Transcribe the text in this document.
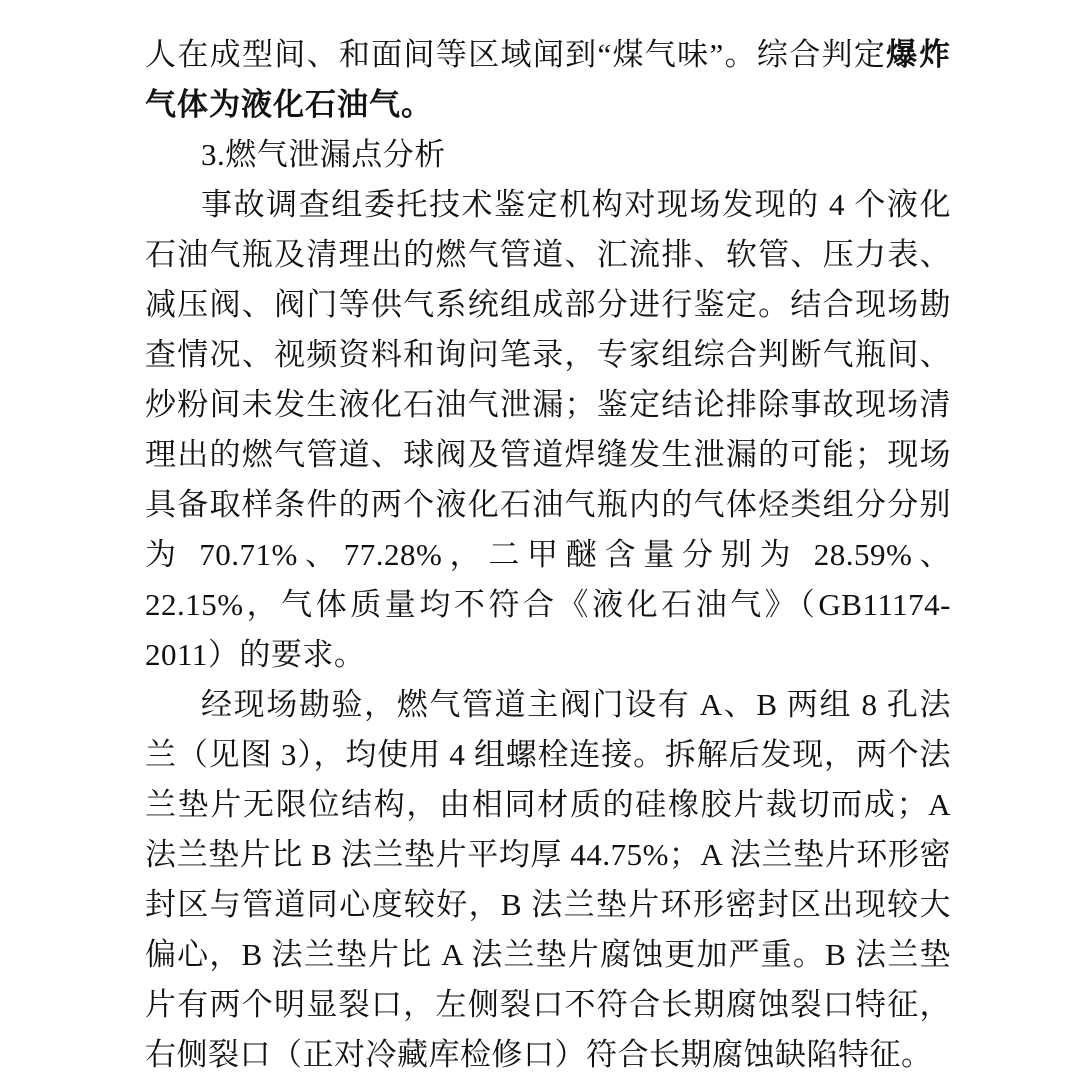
人在成型间、和面间等区域闻到“煤气味”。综合判定爆炸气体为液化石油气。

3.燃气泄漏点分析

事故调查组委托技术鉴定机构对现场发现的 4 个液化石油气瓶及清理出的燃气管道、汇流排、软管、压力表、减压阀、阀门等供气系统组成部分进行鉴定。结合现场勘查情况、视频资料和询问笔录，专家组综合判断气瓶间、炒粉间未发生液化石油气泄漏；鉴定结论排除事故现场清理出的燃气管道、球阀及管道焊缝发生泄漏的可能；现场具备取样条件的两个液化石油气瓶内的气体烃类组分分别为 70.71%、77.28%，二甲醚含量分别为 28.59%、22.15%，气体质量均不符合《液化石油气》（GB11174-2011）的要求。

经现场勘验，燃气管道主阀门设有 A、B 两组 8 孔法兰（见图 3），均使用 4 组螺栓连接。拆解后发现，两个法兰垫片无限位结构，由相同材质的硅橡胶片裁切而成；A 法兰垫片比 B 法兰垫片平均厚 44.75%；A 法兰垫片环形密封区与管道同心度较好，B 法兰垫片环形密封区出现较大偏心，B 法兰垫片比 A 法兰垫片腐蚀更加严重。B 法兰垫片有两个明显裂口，左侧裂口不符合长期腐蚀裂口特征，右侧裂口（正对冷藏库检修口）符合长期腐蚀缺陷特征。
